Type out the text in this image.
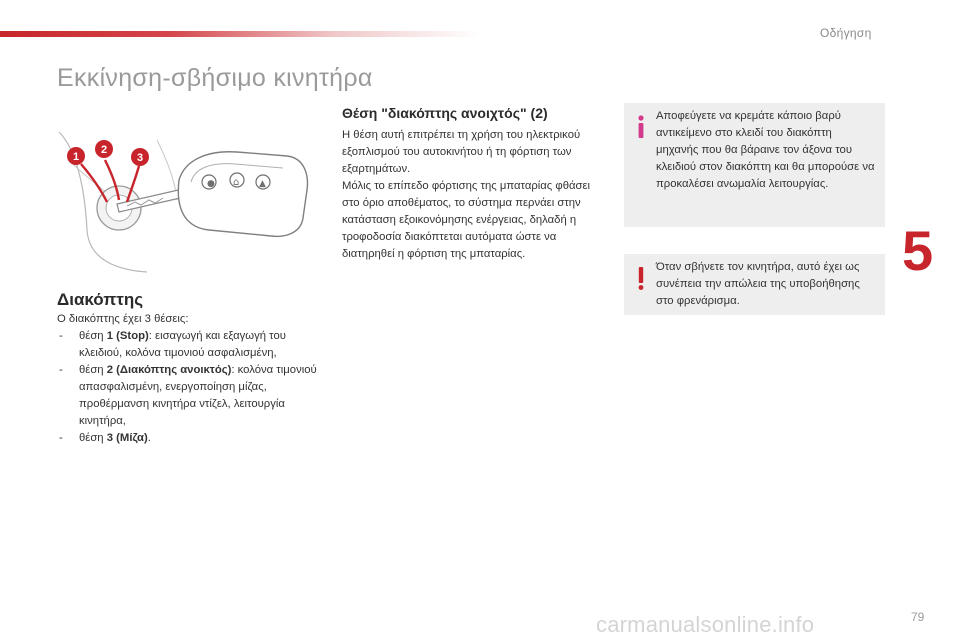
Οδήγηση
Εκκίνηση-σβήσιμο κινητήρα
5
● ⌂ ▲
1
2
3
Θέση "διακόπτης ανοιχτός" (2)

Η θέση αυτή επιτρέπει τη χρήση του ηλεκτρικού εξοπλισμού του αυτοκινήτου ή τη φόρτιση των εξαρτημάτων.

Μόλις το επίπεδο φόρτισης της μπαταρίας φθάσει στο όριο αποθέματος, το σύστημα περνάει στην κατάσταση εξοικονόμησης ενέργειας, δηλαδή η τροφοδοσία διακόπτεται αυτόματα ώστε να διατηρηθεί η φόρτιση της μπαταρίας.

Διακόπτης

Ο διακόπτης έχει 3 θέσεις:

- θέση 1 (Stop): εισαγωγή και εξαγωγή του κλειδιού, κολόνα τιμονιού ασφαλισμένη,
- θέση 2 (Διακόπτης ανοικτός): κολόνα τιμονιού απασφαλισμένη, ενεργοποίηση μίζας, προθέρμανση κινητήρα ντίζελ, λειτουργία κινητήρα,
- θέση 3 (Μίζα).
Αποφεύγετε να κρεμάτε κάποιο βαρύ αντικείμενο στο κλειδί του διακόπτη μηχανής που θα βάραινε τον άξονα του κλειδιού στον διακόπτη και θα μπορούσε να προκαλέσει ανωμαλία λειτουργίας.
Όταν σβήνετε τον κινητήρα, αυτό έχει ως συνέπεια την απώλεια της υποβοήθησης στο φρενάρισμα.
carmanualsonline.info	79
